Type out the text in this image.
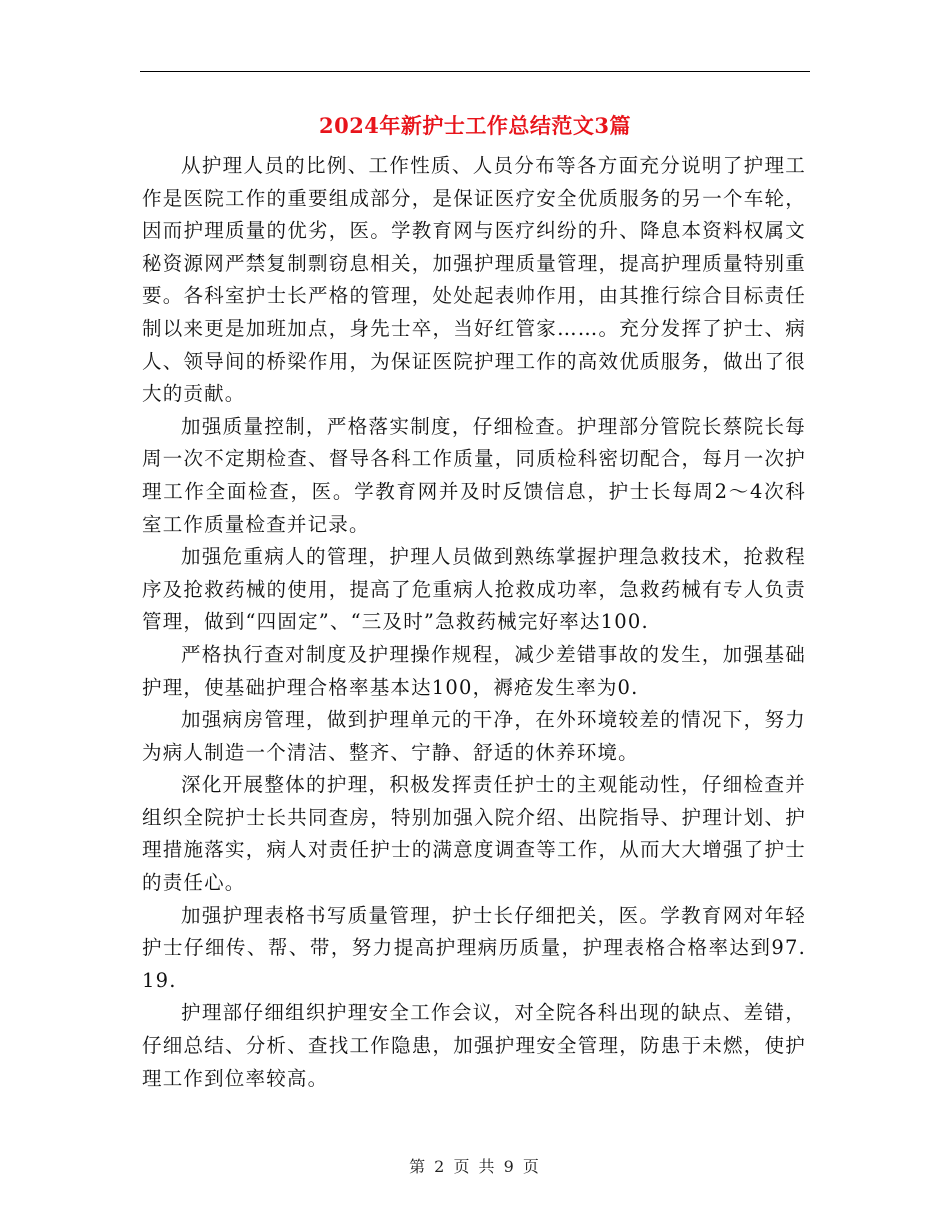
2024年新护士工作总结范文3篇

从护理人员的比例、工作性质、人员分布等各方面充分说明了护理工作是医院工作的重要组成部分，是保证医疗安全优质服务的另一个车轮，因而护理质量的优劣，医。学教育网与医疗纠纷的升、降息本资料权属文秘资源网严禁复制剽窃息相关，加强护理质量管理，提高护理质量特别重要。各科室护士长严格的管理，处处起表帅作用，由其推行综合目标责任制以来更是加班加点，身先士卒，当好红管家……。充分发挥了护士、病人、领导间的桥梁作用，为保证医院护理工作的高效优质服务，做出了很大的贡献。

加强质量控制，严格落实制度，仔细检查。护理部分管院长蔡院长每周一次不定期检查、督导各科工作质量，同质检科密切配合，每月一次护理工作全面检查，医。学教育网并及时反馈信息，护士长每周2～4次科室工作质量检查并记录。

加强危重病人的管理，护理人员做到熟练掌握护理急救技术，抢救程序及抢救药械的使用，提高了危重病人抢救成功率，急救药械有专人负责管理，做到“四固定”、“三及时”急救药械完好率达100.

严格执行查对制度及护理操作规程，减少差错事故的发生，加强基础护理，使基础护理合格率基本达100，褥疮发生率为0.

加强病房管理，做到护理单元的干净，在外环境较差的情况下，努力为病人制造一个清洁、整齐、宁静、舒适的休养环境。

深化开展整体的护理，积极发挥责任护士的主观能动性，仔细检查并组织全院护士长共同查房，特别加强入院介绍、出院指导、护理计划、护理措施落实，病人对责任护士的满意度调查等工作，从而大大增强了护士的责任心。

加强护理表格书写质量管理，护士长仔细把关，医。学教育网对年轻护士仔细传、帮、带，努力提高护理病历质量，护理表格合格率达到97.19.

护理部仔细组织护理安全工作会议，对全院各科出现的缺点、差错，仔细总结、分析、查找工作隐患，加强护理安全管理，防患于未燃，使护理工作到位率较高。

第 2 页 共 9 页
